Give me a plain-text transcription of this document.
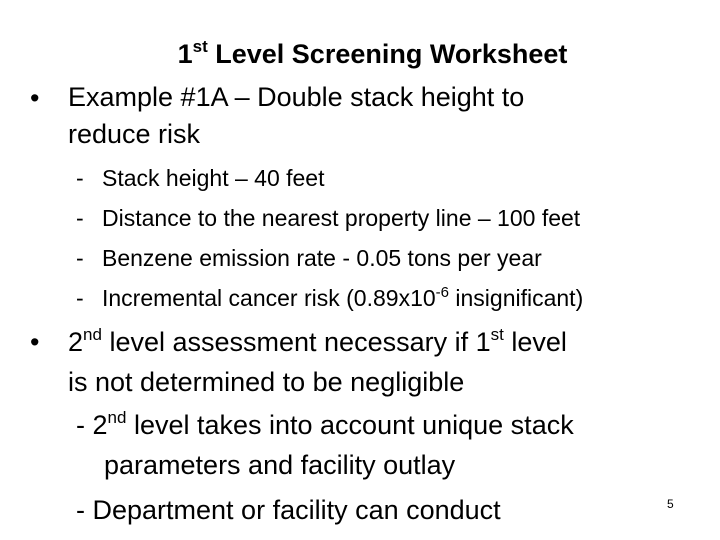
1st Level Screening Worksheet
• Example #1A – Double stack height to
reduce risk
- Stack height – 40 feet
- Distance to the nearest property line – 100 feet
- Benzene emission rate - 0.05 tons per year
- Incremental cancer risk ($0.89x10^{-6}$ insignificant)
• 2nd level assessment necessary if 1st level
is not determined to be negligible
- 2nd level takes into account unique stack
parameters and facility outlay
- Department or facility can conduct	5
